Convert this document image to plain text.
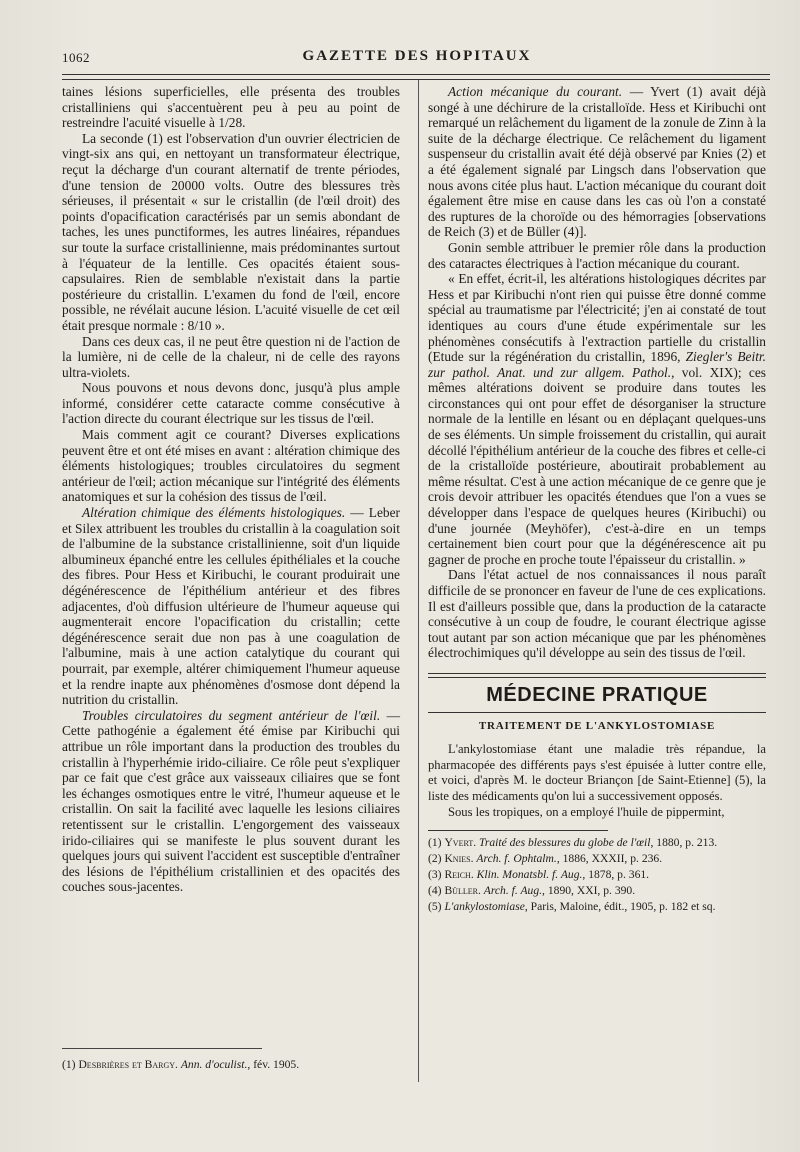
1062	GAZETTE DES HOPITAUX

taines lésions superficielles, elle présenta des troubles cristalliniens qui s'accentuèrent peu à peu au point de restreindre l'acuité visuelle à 1/28.

La seconde (1) est l'observation d'un ouvrier électricien de vingt-six ans qui, en nettoyant un transformateur électrique, reçut la décharge d'un courant alternatif de trente périodes, d'une tension de 20000 volts. Outre des blessures très sérieuses, il présentait « sur le cristallin (de l'œil droit) des points d'opacification caractérisés par un semis abondant de taches, les unes punctiformes, les autres linéaires, répandues sur toute la surface cristallinienne, mais prédominantes surtout à l'équateur de la lentille. Ces opacités étaient sous-capsulaires. Rien de semblable n'existait dans la partie postérieure du cristallin. L'examen du fond de l'œil, encore possible, ne révélait aucune lésion. L'acuité visuelle de cet œil était presque normale : 8/10 ».

Dans ces deux cas, il ne peut être question ni de l'action de la lumière, ni de celle de la chaleur, ni de celle des rayons ultra-violets.

Nous pouvons et nous devons donc, jusqu'à plus ample informé, considérer cette cataracte comme consécutive à l'action directe du courant électrique sur les tissus de l'œil.

Mais comment agit ce courant? Diverses explications peuvent être et ont été mises en avant : altération chimique des éléments histologiques; troubles circulatoires du segment antérieur de l'œil; action mécanique sur l'intégrité des éléments anatomiques et sur la cohésion des tissus de l'œil.

Altération chimique des éléments histologiques. — Leber et Silex attribuent les troubles du cristallin à la coagulation soit de l'albumine de la substance cristallinienne, soit d'un liquide albumineux épanché entre les cellules épithéliales et la couche des fibres. Pour Hess et Kiribuchi, le courant produirait une dégénérescence de l'épithélium antérieur et des fibres adjacentes, d'où diffusion ultérieure de l'humeur aqueuse qui augmenterait encore l'opacification du cristallin; cette dégénérescence serait due non pas à une coagulation de l'albumine, mais à une action catalytique du courant qui pourrait, par exemple, altérer chimiquement l'humeur aqueuse et la rendre inapte aux phénomènes d'osmose dont dépend la nutrition du cristallin.

Troubles circulatoires du segment antérieur de l'œil. — Cette pathogénie a également été émise par Kiribuchi qui attribue un rôle important dans la production des troubles du cristallin à l'hyperhémie irido-ciliaire. Ce rôle peut s'expliquer par ce fait que c'est grâce aux vaisseaux ciliaires que se font les échanges osmotiques entre le vitré, l'humeur aqueuse et le cristallin. On sait la facilité avec laquelle les lesions ciliaires retentissent sur le cristallin. L'engorgement des vaisseaux irido-ciliaires qui se manifeste le plus souvent durant les quelques jours qui suivent l'accident est susceptible d'entraîner des lésions de l'épithélium cristallinien et des opacités des couches sous-jacentes.

(1) Desbrières et Bargy. Ann. d'oculist., fév. 1905.

Action mécanique du courant. — Yvert (1) avait déjà songé à une déchirure de la cristalloïde. Hess et Kiribuchi ont remarqué un relâchement du ligament de la zonule de Zinn à la suite de la décharge électrique. Ce relâchement du ligament suspenseur du cristallin avait été déjà observé par Knies (2) et a été également signalé par Lingsch dans l'observation que nous avons citée plus haut. L'action mécanique du courant doit également être mise en cause dans les cas où l'on a constaté des ruptures de la choroïde ou des hémorragies [observations de Reich (3) et de Büller (4)].

Gonin semble attribuer le premier rôle dans la production des cataractes électriques à l'action mécanique du courant.

« En effet, écrit-il, les altérations histologiques décrites par Hess et par Kiribuchi n'ont rien qui puisse être donné comme spécial au traumatisme par l'électricité; j'en ai constaté de tout identiques au cours d'une étude expérimentale sur les phénomènes consécutifs à l'extraction partielle du cristallin (Etude sur la régénération du cristallin, 1896, Ziegler's Beitr. zur pathol. Anat. und zur allgem. Pathol., vol. XIX); ces mêmes altérations doivent se produire dans toutes les circonstances qui ont pour effet de désorganiser la structure normale de la lentille en lésant ou en déplaçant quelques-uns de ses éléments. Un simple froissement du cristallin, qui aurait décollé l'épithélium antérieur de la couche des fibres et celle-ci de la cristalloïde postérieure, aboutirait probablement au même résultat. C'est à une action mécanique de ce genre que je crois devoir attribuer les opacités étendues que l'on a vues se développer dans l'espace de quelques heures (Kiribuchi) ou d'une journée (Meyhöfer), c'est-à-dire en un temps certainement bien court pour que la dégénérescence ait pu gagner de proche en proche toute l'épaisseur du cristallin. »

Dans l'état actuel de nos connaissances il nous paraît difficile de se prononcer en faveur de l'une de ces explications. Il est d'ailleurs possible que, dans la production de la cataracte consécutive à un coup de foudre, le courant électrique agisse tout autant par son action mécanique que par les phénomènes électrochimiques qu'il développe au sein des tissus de l'œil.

MÉDECINE PRATIQUE
TRAITEMENT DE L'ANKYLOSTOMIASE

L'ankylostomiase étant une maladie très répandue, la pharmacopée des différents pays s'est épuisée à lutter contre elle, et voici, d'après M. le docteur Briançon [de Saint-Etienne] (5), la liste des médicaments qu'on lui a successivement opposés.

Sous les tropiques, on a employé l'huile de pippermint,

(1) Yvert. Traité des blessures du globe de l'œil, 1880, p. 213.
(2) Knies. Arch. f. Ophtalm., 1886, XXXII, p. 236.
(3) Reich. Klin. Monatsbl. f. Aug., 1878, p. 361.
(4) Büller. Arch. f. Aug., 1890, XXI, p. 390.
(5) L'ankylostomiase, Paris, Maloine, édit., 1905, p. 182 et sq.
